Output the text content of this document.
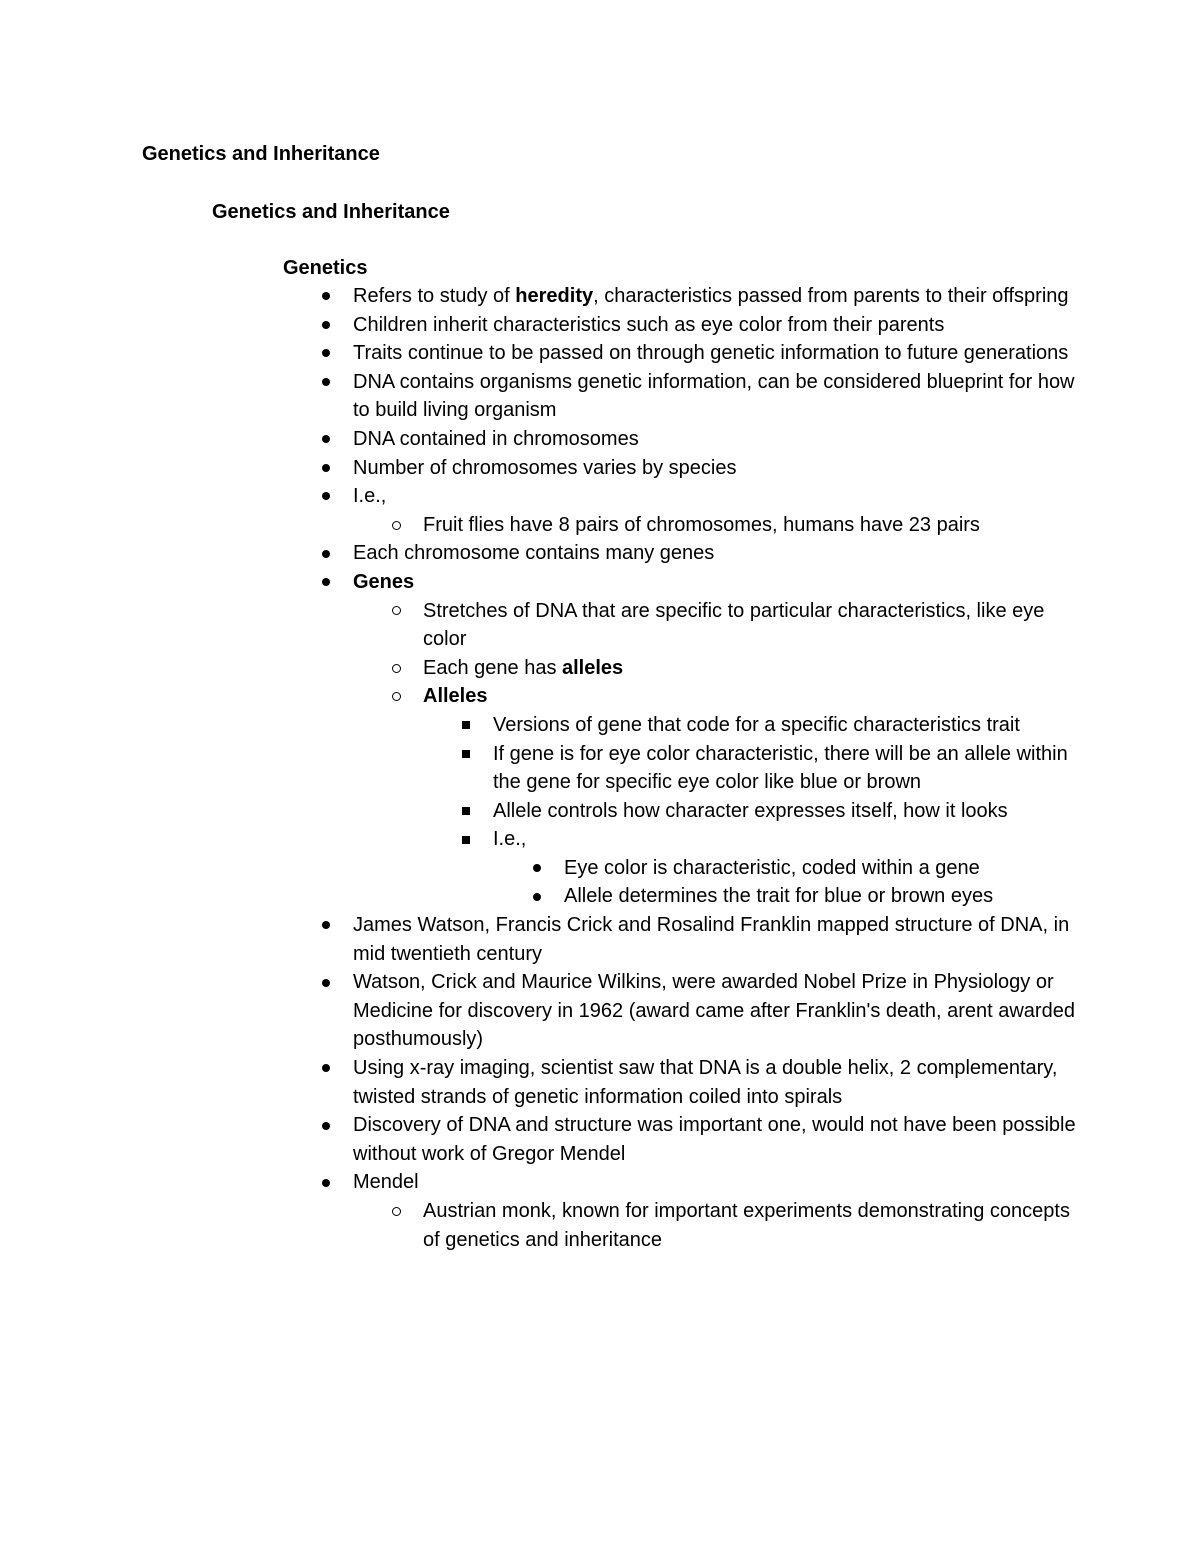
Genetics and Inheritance
Genetics and Inheritance
Genetics
Refers to study of heredity, characteristics passed from parents to their offspring
Children inherit characteristics such as eye color from their parents
Traits continue to be passed on through genetic information to future generations
DNA contains organisms genetic information, can be considered blueprint for how to build living organism
DNA contained in chromosomes
Number of chromosomes varies by species
I.e.,
Fruit flies have 8 pairs of chromosomes, humans have 23 pairs
Each chromosome contains many genes
Genes
Stretches of DNA that are specific to particular characteristics, like eye color
Each gene has alleles
Alleles
Versions of gene that code for a specific characteristics trait
If gene is for eye color characteristic, there will be an allele within the gene for specific eye color like blue or brown
Allele controls how character expresses itself, how it looks
I.e.,
Eye color is characteristic, coded within a gene
Allele determines the trait for blue or brown eyes
James Watson, Francis Crick and Rosalind Franklin mapped structure of DNA, in mid twentieth century
Watson, Crick and Maurice Wilkins, were awarded Nobel Prize in Physiology or Medicine for discovery in 1962 (award came after Franklin's death, arent awarded posthumously)
Using x-ray imaging, scientist saw that DNA is a double helix, 2 complementary, twisted strands of genetic information coiled into spirals
Discovery of DNA and structure was important one, would not have been possible without work of Gregor Mendel
Mendel
Austrian monk, known for important experiments demonstrating concepts of genetics and inheritance
